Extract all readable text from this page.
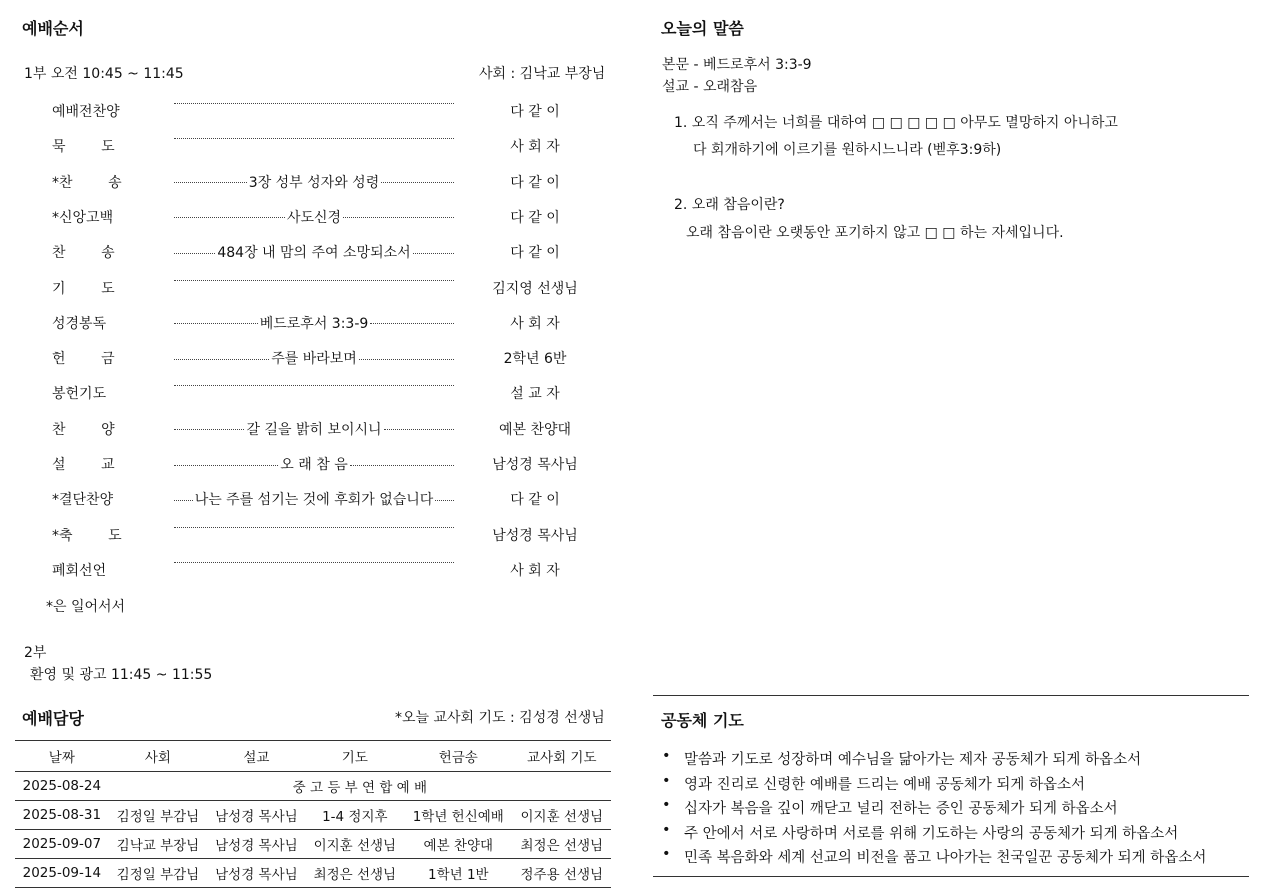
예배순서
1부 오전 10:45 ~ 11:45	사회 : 김낙교 부장님
예배전찬양	다 같 이
묵        도	사 회 자
*찬        송	3장 성부 성자와 성령	다 같 이
*신앙고백	사도신경	다 같 이
찬        송	484장 내 맘의 주여 소망되소서	다 같 이
기        도	김지영 선생님
성경봉독	베드로후서 3:3-9	사 회 자
헌        금	주를 바라보며	2학년 6반
봉헌기도	설 교 자
찬        양	갈 길을 밝히 보이시니	예본 찬양대
설        교	오 래 참 음	남성경 목사님
*결단찬양	나는 주를 섬기는 것에 후회가 없습니다	다 같 이
*축        도	남성경 목사님
폐회선언	사 회 자
*은 일어서서
2부
환영 및 광고 11:45 ~ 11:55
오늘의 말씀
본문 - 베드로후서 3:3-9
설교 - 오래참음
1. 오직 주께서는 너희를 대하여 □ □ □ □ □ 아무도 멸망하지 아니하고
다 회개하기에 이르기를 원하시느니라 (벧후3:9하)
2. 오래 참음이란?
오래 참음이란 오랫동안 포기하지 않고 □ □ 하는 자세입니다.
예배담당	*오늘 교사회 기도 : 김성경 선생님
날짜	사회	설교	기도	헌금송	교사회 기도
2025-08-24	중 고 등 부 연 합 예 배				
2025-08-31	김정일 부감님	남성경 목사님	1-4 정지후	1학년 헌신예배	이지훈 선생님
2025-09-07	김낙교 부장님	남성경 목사님	이지훈 선생님	예본 찬양대	최정은 선생님
2025-09-14	김정일 부감님	남성경 목사님	최정은 선생님	1학년 1반	정주용 선생님
공동체 기도
• 말씀과 기도로 성장하며 예수님을 닮아가는 제자 공동체가 되게 하옵소서
• 영과 진리로 신령한 예배를 드리는 예배 공동체가 되게 하옵소서
• 십자가 복음을 깊이 깨닫고 널리 전하는 증인 공동체가 되게 하옵소서
• 주 안에서 서로 사랑하며 서로를 위해 기도하는 사랑의 공동체가 되게 하옵소서
• 민족 복음화와 세계 선교의 비전을 품고 나아가는 천국일꾼 공동체가 되게 하옵소서
